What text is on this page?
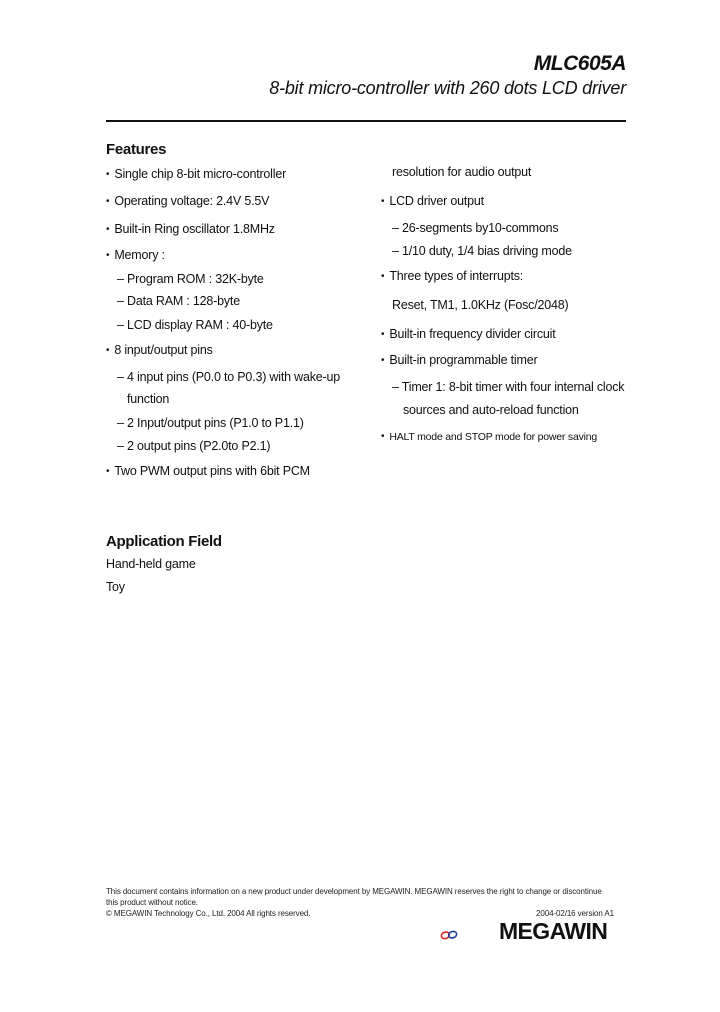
MLC605A
8-bit micro-controller with 260 dots LCD driver
Features
• Single chip 8-bit micro-controller
• Operating voltage: 2.4V 5.5V
• Built-in Ring oscillator 1.8MHz
• Memory :
– Program ROM : 32K-byte
– Data RAM : 128-byte
– LCD display RAM : 40-byte
• 8 input/output pins
– 4 input pins (P0.0 to P0.3) with wake-up
function
– 2 Input/output pins (P1.0 to P1.1)
– 2 output pins (P2.0to P2.1)
• Two PWM output pins with 6bit PCM
resolution for audio output
• LCD driver output
– 26-segments by10-commons
– 1/10 duty, 1/4 bias driving mode
• Three types of interrupts:
Reset, TM1, 1.0KHz (Fosc/2048)
• Built-in frequency divider circuit
• Built-in programmable timer
– Timer 1: 8-bit timer with four internal clock
sources and auto-reload function
• HALT mode and STOP mode for power saving
Application Field
Hand-held game
Toy
This document contains information on a new product under development by MEGAWIN. MEGAWIN reserves the right to change or discontinue
this product without notice.
© MEGAWIN Technology Co., Ltd. 2004 All rights reserved.	2004-02/16 version A1
MEGAWIN
